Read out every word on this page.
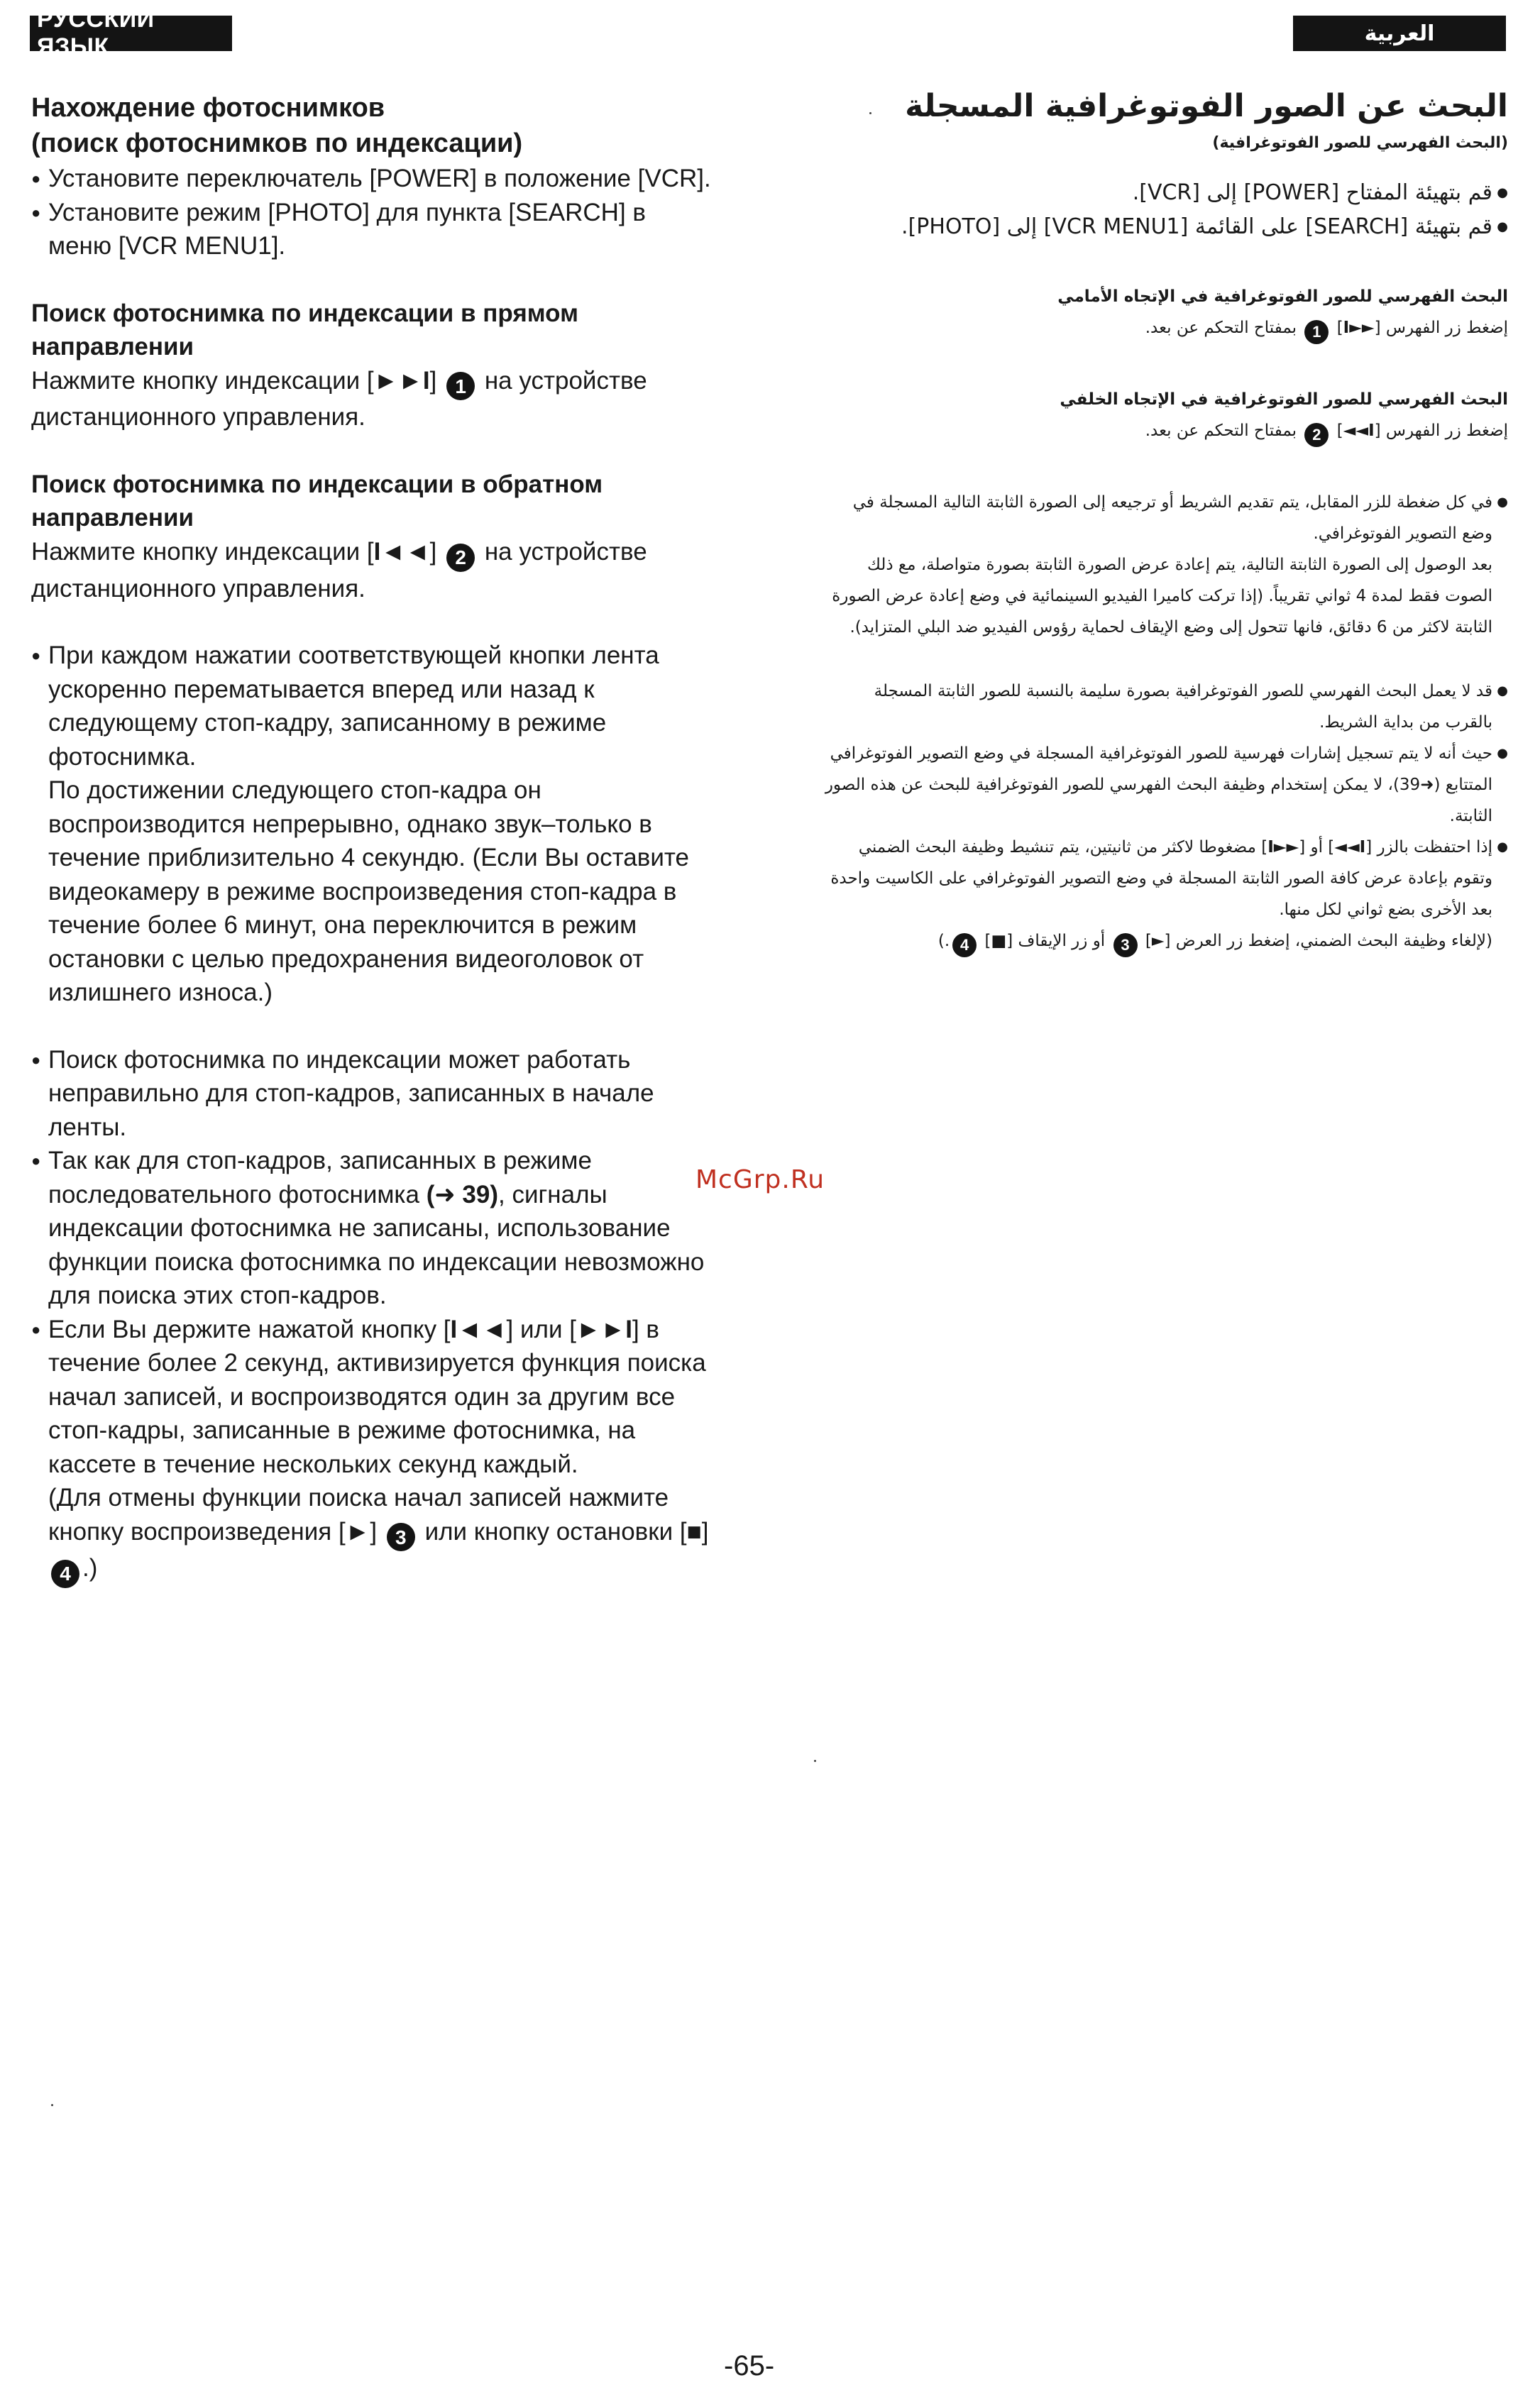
РУССКИЙ ЯЗЫК	العربية

Нахождение фотоснимков

(поиск фотоснимков по индексации)

● Установите переключатель [POWER] в положение [VCR].

● Установите режим [PHOTO] для пункта [SEARCH] в меню [VCR MENU1].

Поиск фотоснимка по индексации в прямом направлении

Нажмите кнопку индексации [►►I] 1 на устройстве дистанционного управления.

Поиск фотоснимка по индексации в обратном направлении

Нажмите кнопку индексации [I◄◄] 2 на устройстве дистанционного управления.

● При каждом нажатии соответствующей кнопки лента ускоренно перематывается вперед или назад к следующему стоп-кадру, записанному в режиме фотоснимка.

По достижении следующего стоп-кадра он воспроизводится непрерывно, однако звук–только в течение приблизительно 4 секундю. (Если Вы оставите видеокамеру в режиме воспроизведения стоп-кадра в течение более 6 минут, она переключится в режим остановки с целью предохранения видеоголовок от излишнего износа.)

● Поиск фотоснимка по индексации может работать неправильно для стоп-кадров, записанных в начале ленты.

● Так как для стоп-кадров, записанных в режиме последовательного фотоснимка (➜ 39), сигналы индексации фотоснимка не записаны, использование функции поиска фотоснимка по индексации невозможно для поиска этих стоп-кадров.

● Если Вы держите нажатой кнопку [I◄◄] или [►►I] в течение более 2 секунд, активизируется функция поиска начал записей, и воспроизводятся один за другим все стоп-кадры, записанные в режиме фотоснимка, на кассете в течение нескольких секунд каждый.

(Для отмены функции поиска начал записей нажмите кнопку воспроизведения [►] 3 или кнопку остановки [■] 4 .)

البحث عن الصور الفوتوغرافية المسجلة

(البحث الفهرسي للصور الفوتوغرافية)

● قم بتهيئة المفتاح [POWER] إلى [VCR].

● قم بتهيئة [SEARCH] على القائمة [VCR MENU1] إلى [PHOTO].

البحث الفهرسي للصور الفوتوغرافية في الإتجاه الأمامي

إضغط زر الفهرس [►►I] 1 بمفتاح التحكم عن بعد.

البحث الفهرسي للصور الفوتوغرافية في الإتجاه الخلفي

إضغط زر الفهرس [I◄◄] 2 بمفتاح التحكم عن بعد.

● في كل ضغطة للزر المقابل، يتم تقديم الشريط أو ترجيعه إلى الصورة الثابتة التالية المسجلة في وضع التصوير الفوتوغرافي.

بعد الوصول إلى الصورة الثابتة التالية، يتم إعادة عرض الصورة الثابتة بصورة متواصلة، مع ذلك الصوت فقط لمدة 4 ثواني تقريباً. (إذا تركت كاميرا الفيديو السينمائية في وضع إعادة عرض الصورة الثابتة لاكثر من 6 دقائق، فانها تتحول إلى وضع الإيقاف لحماية رؤوس الفيديو ضد البلي المتزايد).

● قد لا يعمل البحث الفهرسي للصور الفوتوغرافية بصورة سليمة بالنسبة للصور الثابتة المسجلة بالقرب من بداية الشريط.

● حيث أنه لا يتم تسجيل إشارات فهرسية للصور الفوتوغرافية المسجلة في وضع التصوير الفوتوغرافي المتتابع (➜39)، لا يمكن إستخدام وظيفة البحث الفهرسي للصور الفوتوغرافية للبحث عن هذه الصور الثابتة.

● إذا احتفظت بالزر [I◄◄] أو [►►I] مضغوطا لاكثر من ثانيتين، يتم تنشيط وظيفة البحث الضمني وتقوم بإعادة عرض كافة الصور الثابتة المسجلة في وضع التصوير الفوتوغرافي على الكاسيت واحدة بعد الأخرى بضع ثواني لكل منها.

(لإلغاء وظيفة البحث الضمني، إضغط زر العرض [►] 3 أو زر الإيقاف [■] 4.)

McGrp.Ru
-65-
